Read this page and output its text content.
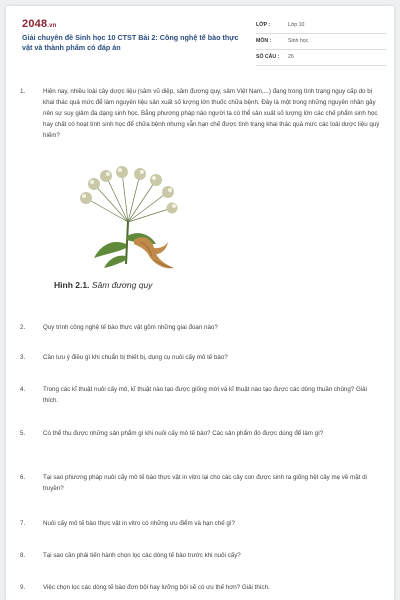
2048.vn
Giải chuyên đề Sinh học 10 CTST Bài 2: Công nghệ tế bào thực vật và thành phẩm có đáp án
LỚP :	Lớp 10
MÔN :	Sinh học
SỐ CÂU : 26
1.	Hiện nay, nhiều loài cây dược liệu (sâm vũ diệp, sâm đương quy, sâm Việt Nam,...) đang trong tình trạng nguy cấp do bị khai thác quá mức để làm nguyên liệu sản xuất số lượng lớn thuốc chữa bệnh. Đây là một trong những nguyên nhân gây nên sự suy giảm đa dạng sinh học. Bằng phương pháp nào người ta có thể sản xuất số lượng lớn các chế phẩm sinh học hay chất có hoạt tính sinh học để chữa bệnh nhưng vẫn hạn chế được tình trạng khai thác quá mức các loài dược liệu quý hiếm?
2.	Quy trình công nghệ tế bào thực vật gồm những giai đoạn nào?
3.	Cần lưu ý điều gì khi chuẩn bị thiết bị, dụng cụ nuôi cấy mô tế bào?
4.	Trong các kĩ thuật nuôi cấy mô, kĩ thuật nào tạo được giống mới và kĩ thuật nào tạo được các dòng thuần chủng? Giải thích.
5.	Có thể thu được những sản phẩm gì khi nuôi cấy mô tế bào? Các sản phẩm đó được dùng để làm gì?
6.	Tại sao phương pháp nuôi cấy mô tế bào thực vật in vitro lại cho các cây con được sinh ra giống hệt cây mẹ về mặt di truyền?
7.	Nuôi cấy mô tế bào thực vật in vitro có những ưu điểm và hạn chế gì?
8.	Tại sao cần phải tiến hành chọn lọc các dòng tế bào trước khi nuôi cấy?
9.	Việc chọn lọc các dòng tế bào đơn bội hay lưỡng bội sẽ có ưu thế hơn? Giải thích.
Hình 2.1. Sâm đương quy
